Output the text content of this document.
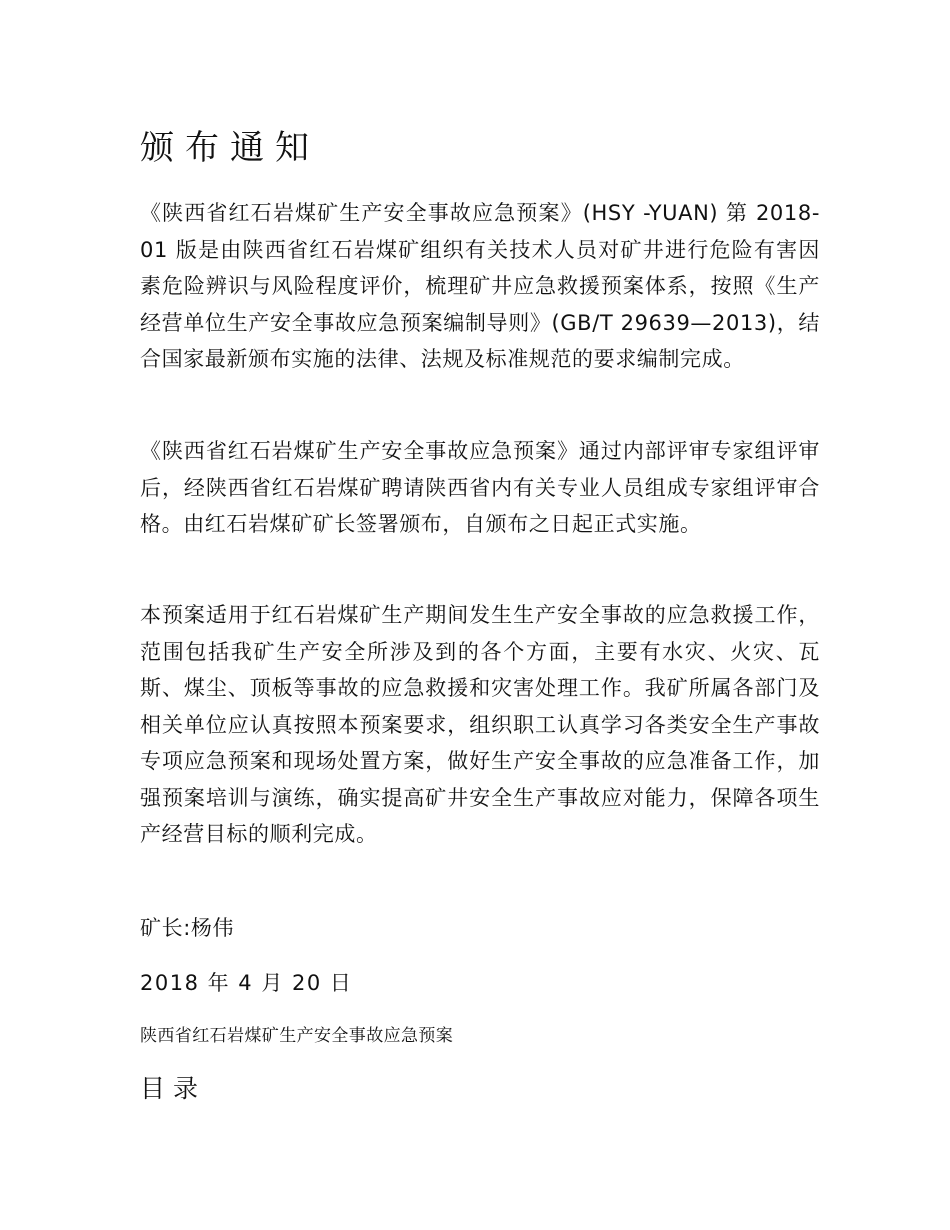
颁布通知

《陕西省红石岩煤矿生产安全事故应急预案》(HSY -YUAN) 第 2018-01 版是由陕西省红石岩煤矿组织有关技术人员对矿井进行危险有害因素危险辨识与风险程度评价，梳理矿井应急救援预案体系，按照《生产经营单位生产安全事故应急预案编制导则》(GB/T 29639—2013)，结合国家最新颁布实施的法律、法规及标准规范的要求编制完成。

《陕西省红石岩煤矿生产安全事故应急预案》通过内部评审专家组评审后，经陕西省红石岩煤矿聘请陕西省内有关专业人员组成专家组评审合格。由红石岩煤矿矿长签署颁布，自颁布之日起正式实施。

本预案适用于红石岩煤矿生产期间发生生产安全事故的应急救援工作，范围包括我矿生产安全所涉及到的各个方面，主要有水灾、火灾、瓦斯、煤尘、顶板等事故的应急救援和灾害处理工作。我矿所属各部门及相关单位应认真按照本预案要求，组织职工认真学习各类安全生产事故专项应急预案和现场处置方案，做好生产安全事故的应急准备工作，加强预案培训与演练，确实提高矿井安全生产事故应对能力，保障各项生产经营目标的顺利完成。

矿长:杨伟
2018 年 4 月 20 日
陕西省红石岩煤矿生产安全事故应急预案
目录
